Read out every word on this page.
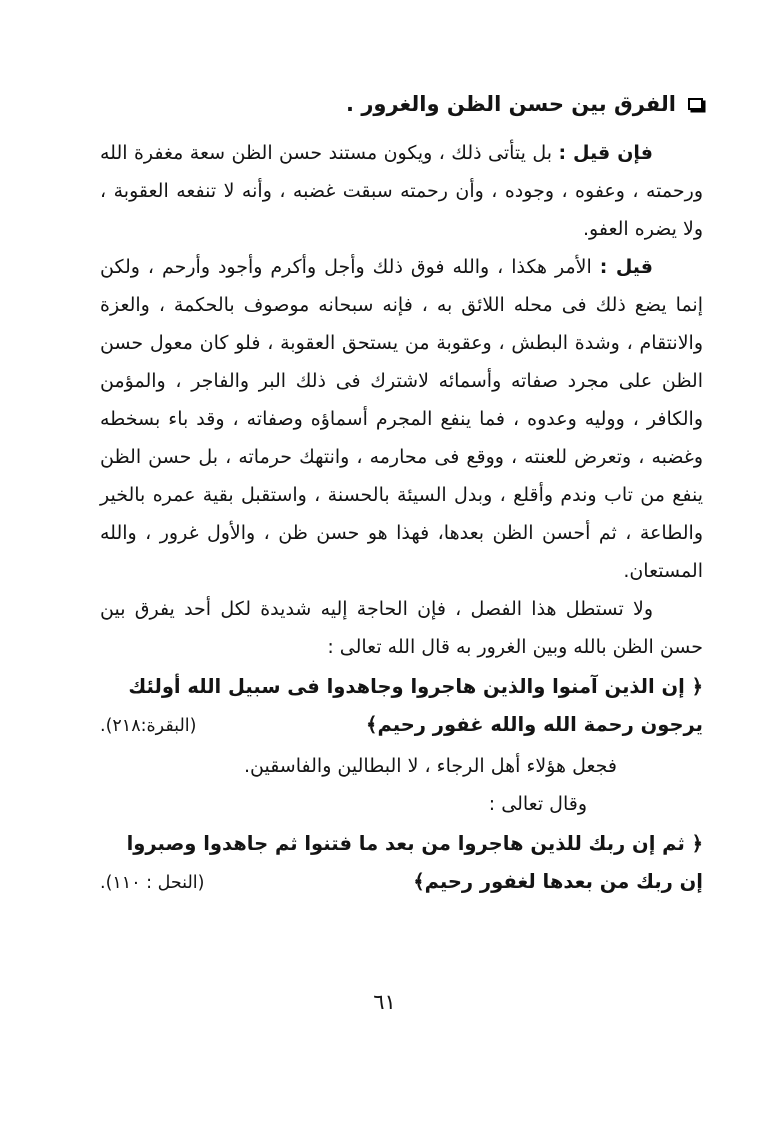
الفرق بين حسن الظن والغرور .

فإن قيل : بل يتأتى ذلك ، ويكون مستند حسن الظن سعة مغفرة الله ورحمته ، وعفوه ، وجوده ، وأن رحمته سبقت غضبه ، وأنه لا تنفعه العقوبة ، ولا يضره العفو.

قيل : الأمر هكذا ، والله فوق ذلك وأجل وأكرم وأجود وأرحم ، ولكن إنما يضع ذلك فى محله اللائق به ، فإنه سبحانه موصوف بالحكمة ، والعزة والانتقام ، وشدة البطش ، وعقوبة من يستحق العقوبة ، فلو كان معول حسن الظن على مجرد صفاته وأسمائه لاشترك فى ذلك البر والفاجر ، والمؤمن والكافر ، ووليه وعدوه ، فما ينفع المجرم أسماؤه وصفاته ، وقد باء بسخطه وغضبه ، وتعرض للعنته ، ووقع فى محارمه ، وانتهك حرماته ، بل حسن الظن ينفع من تاب وندم وأقلع ، وبدل السيئة بالحسنة ، واستقبل بقية عمره بالخير والطاعة ، ثم أحسن الظن بعدها، فهذا هو حسن ظن ، والأول غرور ، والله المستعان.

ولا تستطل هذا الفصل ، فإن الحاجة إليه شديدة لكل أحد يفرق بين حسن الظن بالله وبين الغرور به قال الله تعالى :

﴿ إن الذين آمنوا والذين هاجروا وجاهدوا فى سبيل الله أولئك
يرجون رحمة الله والله غفور رحيم﴾
(البقرة:٢١٨).

فجعل هؤلاء أهل الرجاء ، لا البطالين والفاسقين.

وقال تعالى :

﴿ ثم إن ربك للذين هاجروا من بعد ما فتنوا ثم جاهدوا وصبروا
إن ربك من بعدها لغفور رحيم﴾
(النحل : ١١٠).
٦١
